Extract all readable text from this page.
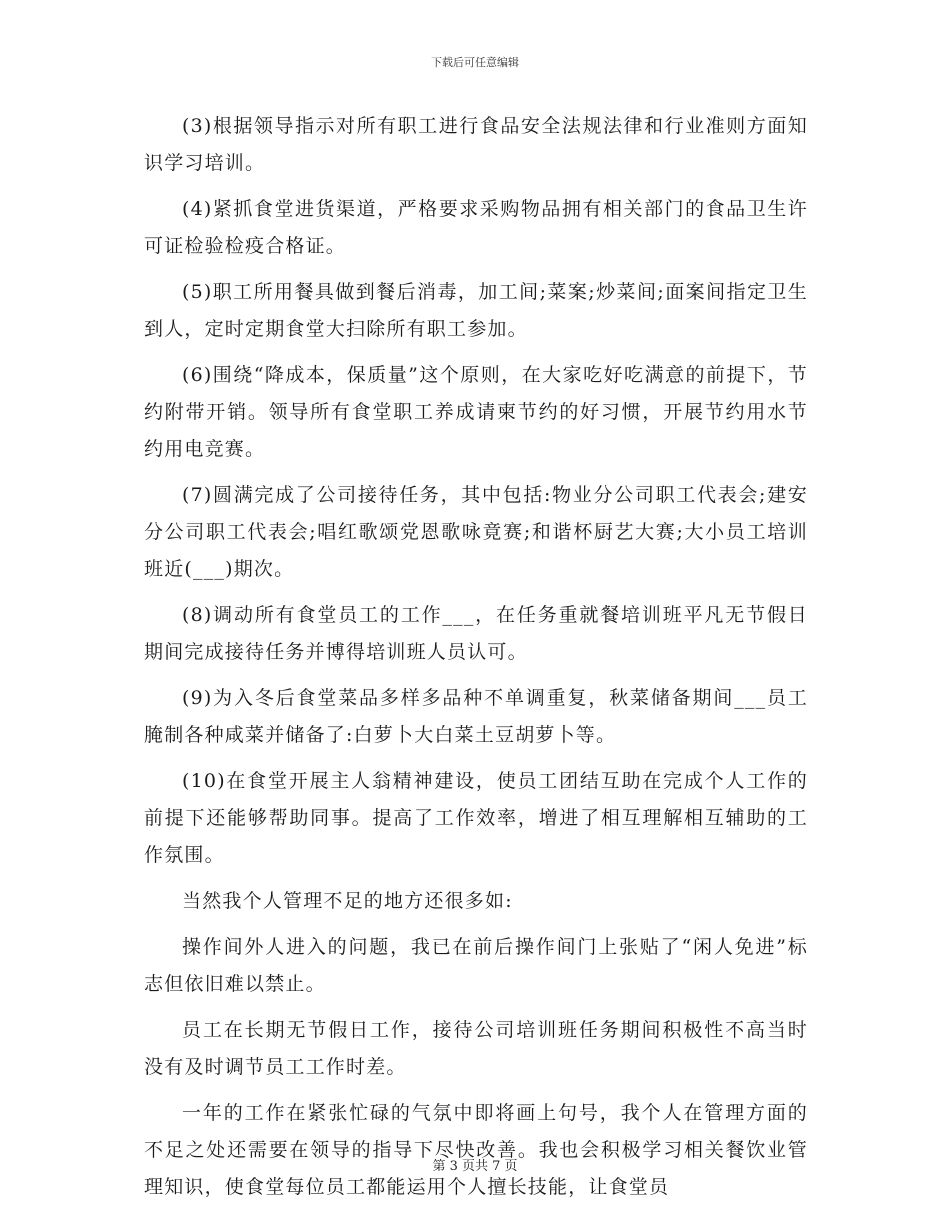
下载后可任意编辑

(3)根据领导指示对所有职工进行食品安全法规法律和行业准则方面知识学习培训。

(4)紧抓食堂进货渠道，严格要求采购物品拥有相关部门的食品卫生许可证检验检疫合格证。

(5)职工所用餐具做到餐后消毒，加工间;菜案;炒菜间;面案间指定卫生到人，定时定期食堂大扫除所有职工参加。

(6)围绕“降成本，保质量”这个原则，在大家吃好吃满意的前提下，节约附带开销。领导所有食堂职工养成请柬节约的好习惯，开展节约用水节约用电竞赛。

(7)圆满完成了公司接待任务，其中包括:物业分公司职工代表会;建安分公司职工代表会;唱红歌颂党恩歌咏竟赛;和谐杯厨艺大赛;大小员工培训班近(___)期次。

(8)调动所有食堂员工的工作___，在任务重就餐培训班平凡无节假日期间完成接待任务并博得培训班人员认可。

(9)为入冬后食堂菜品多样多品种不单调重复，秋菜储备期间___员工腌制各种咸菜并储备了:白萝卜大白菜土豆胡萝卜等。

(10)在食堂开展主人翁精神建设，使员工团结互助在完成个人工作的前提下还能够帮助同事。提高了工作效率，增进了相互理解相互辅助的工作氛围。

当然我个人管理不足的地方还很多如:

操作间外人进入的问题，我已在前后操作间门上张贴了“闲人免进”标志但依旧难以禁止。

员工在长期无节假日工作，接待公司培训班任务期间积极性不高当时没有及时调节员工工作时差。

一年的工作在紧张忙碌的气氛中即将画上句号，我个人在管理方面的不足之处还需要在领导的指导下尽快改善。我也会积极学习相关餐饮业管理知识，使食堂每位员工都能运用个人擅长技能，让食堂员

第 3 页共 7 页
